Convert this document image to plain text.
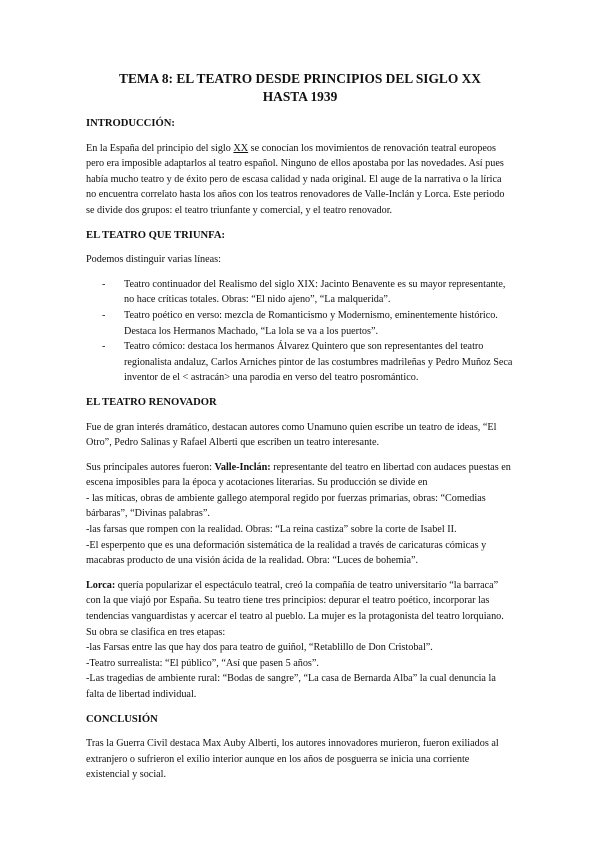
TEMA 8: EL TEATRO DESDE PRINCIPIOS DEL SIGLO XX
HASTA 1939
INTRODUCCIÓN:

En la España del principio del siglo XX se conocían los movimientos de renovación teatral europeos pero era imposible adaptarlos al teatro español. Ninguno de ellos apostaba por las novedades. Así pues había mucho teatro y de éxito pero de escasa calidad y nada original. El auge de la narrativa o la lírica no encuentra correlato hasta los años con los teatros renovadores de Valle-Inclán y Lorca. Este periodo se divide dos grupos: el teatro triunfante y comercial, y el teatro renovador.

EL TEATRO QUE TRIUNFA:

Podemos distinguir varias líneas:

- Teatro continuador del Realismo del siglo XIX: Jacinto Benavente es su mayor representante, no hace críticas totales. Obras: “El nido ajeno”, “La malquerida”.
- Teatro poético en verso: mezcla de Romanticismo y Modernismo, eminentemente histórico. Destaca los Hermanos Machado, “La lola se va a los puertos”.
- Teatro cómico: destaca los hermanos Álvarez Quintero que son representantes del teatro regionalista andaluz, Carlos Arniches pintor de las costumbres madrileñas y Pedro Muñoz Seca inventor de el < astracán> una parodia en verso del teatro posromántico.
EL TEATRO RENOVADOR

Fue de gran interés dramático, destacan autores como Unamuno quien escribe un teatro de ideas, “El Otro”, Pedro Salinas y Rafael Alberti que escriben un teatro interesante.

Sus principales autores fueron: Valle-Inclán: representante del teatro en libertad con audaces puestas en escena imposibles para la época y acotaciones literarias. Su producción se divide en
- las míticas, obras de ambiente gallego atemporal regido por fuerzas primarias, obras: “Comedias bárbaras”, “Divinas palabras”.
-las farsas que rompen con la realidad. Obras: “La reina castiza” sobre la corte de Isabel II.
-El esperpento que es una deformación sistemática de la realidad a través de caricaturas cómicas y macabras producto de una visión ácida de la realidad. Obra: “Luces de bohemia”.

Lorca: quería popularizar el espectáculo teatral, creó la compañía de teatro universitario “la barraca” con la que viajó por España. Su teatro tiene tres principios: depurar el teatro poético, incorporar las tendencias vanguardistas y acercar el teatro al pueblo. La mujer es la protagonista del teatro lorquiano. Su obra se clasifica en tres etapas:
-las Farsas entre las que hay dos para teatro de guiñol, “Retablillo de Don Cristobal”.
-Teatro surrealista: “El público”, “Así que pasen 5 años”.
-Las tragedias de ambiente rural: “Bodas de sangre”, “La casa de Bernarda Alba” la cual denuncia la falta de libertad individual.

CONCLUSIÓN

Tras la Guerra Civil destaca Max Auby Alberti, los autores innovadores murieron, fueron exiliados al extranjero o sufrieron el exilio interior aunque en los años de posguerra se inicia una corriente existencial y social.
